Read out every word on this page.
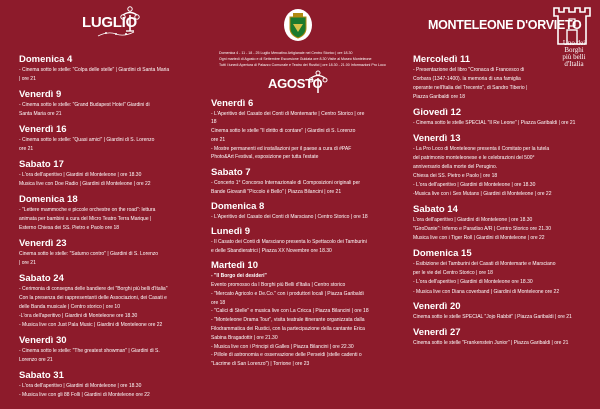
LUGLIO
Domenica 4 - 11 - 18 - 25 Luglio Mercatino Artigianale nel Centro Storico | ore 18.30
Ogni martedì di Agosto e di Settembre Escursione Guidata ore 8.30 Visite al Museo Monteleone
Tutti i lunedì Apertura di Palazzo Comunale e Teatro dei Rustici | ore 18.30 - 21.00 Informazioni Pro Loco
AGOSTO
MONTELEONE D'ORVIETO
Uno dei
Borghi
più belli
d'Italia
Domenica 4
- Cinema sotto le stelle: "Colpa delle stelle" | Giardini di Santa Maria
| ore 21
Venerdì 9
- Cinema sotto le stelle: "Grand Budapest Hotel" Giardini di
Santa Maria ore 21
Venerdì 16
- Cinema sotto le stelle: "Quasi amici" | Giardini di S. Lorenzo
ore 21
Sabato 17
- L'ora dell'aperitivo | Giardini di Monteleone | ore 18.30
Musica live con Doe Radio | Giardini di Monteleone | ore 22
Domenica 18
- "Lettere mammoche e piccole orchestre on the road": lettura
animata per bambini a cura del Micro Teatro Terra Marique |
Esterno Chiesa dei SS. Pietro e Paolo ore 18
Venerdì 23
Cinema sotto le stelle: "Saturno contro" | Giardini di S. Lorenzo
| ore 21
Sabato 24
- Cerimonia di consegna delle bandiere dei "Borghi più belli d'Italia"
Con la presenza dei rappresentanti delle Associazioni, dei Casati e
delle Banda musicale | Centro storico | ore 10
-L'ora dell'aperitivo | Giardini di Monteleone ore 18.30
- Musica live con Just Pala Music | Giardini di Monteleone ore 22
Venerdì 30
- Cinema sotto le stelle: "The greatest showman" | Giardini di S.
Lorenzo ore 21
Sabato 31
- L'ora dell'aperitivo | Giardini di Monteleone | ore 18.30
- Musica live con gli 88 Folli | Giardini di Monteleone ore 22
Venerdì 6
- L'Aperitivo del Casato dei Conti di Montemarte | Centro Storico | ore
18
Cinema sotto le stelle "Il diritto di contare" | Giardini di S. Lorenzo
ore 21
- Mostre permanenti ed installazioni per il paese a cura di #PAF
Photo&Art Festival, esposizione per tutta l'estate
Sabato 7
- Concerto 1° Concorso Internazionale di Composizioni originali per
Bande Giovanili "Piccolo è Bello" | Piazza Bilancini | ore 21
Domenica 8
- L'Aperitivo del Casato dei Conti di Marsciano | Centro Storico | ore 18
Lunedì 9
- Il Casato dei Conti di Marsciano presenta lo Spettacolo dei Tamburini
e delle Sbandieratrici | Piazza XX Novembre ore 18.30
Martedì 10
- "Il Borgo dei desideri"
Evento promosso da I Borghi più Belli d'Italia | Centro storico
- "Mercato Agricolo e De.Co." con i produttori locali | Piazza Garibaldi
ore 18
- "Calici di Stelle" e musica live con La Cricca | Piazza Bilancini | ore 18
- "Monteleone Drama Tour", visita teatrale itinerante organizzata dalla
Filodrammatica dei Rustici, con la partecipazione della cantante Erica
Sabina Bragadottir | ore 21.30
- Musica live con i Principi di Galles | Piazza Bilancini | ore 22.30
- Pillole di astronomia e osservazione delle Perseidi (stelle cadenti o
"Lacrime di San Lorenzo") | Torrione | ore 23
Mercoledì 11
- Presentazione del libro "Cronaca di Francesco di
Corbara (1347-1400). la memoria di una famiglia
operante nell'Italia del Trecento", di Sandro Tiberio |
Piazza Garibaldi ore 18
Giovedì 12
- Cinema sotto le stelle SPECIAL "Il Re Leone" | Piazza Garibaldi | ore 21
Venerdì 13
- La Pro Loco di Monteleone presenta il Comitato per la tutela
del patrimonio monteleonese e le celebrazioni del 500°
anniversario della morte del Perugino.
Chiesa dei SS. Pietro e Paolo | ore 18
- L'ora dell'aperitivo | Giardini di Monteleone | ore 18.30
-Musica live con i Sex Mutans | Giardini di Monteleone | ore 22
Sabato 14
L'ora dell'aperitivo | Giardini di Monteleone | ore 18.30
"GiroDante": Inferno e Paradiso A/R | Centro Storico ore 21.30
Musica live con i Tiger Roll | Giardini di Monteleone | ore 22
Domenica 15
- Esibizione dei Tamburini dei Casati di Montemarte e Marsciano
per le vie del Centro Storico | ore 18
- L'ora dell'aperitivo | Giardini di Monteleone ore 18.30
- Musica live con Diana coverband | Giardini di Monteleone ore 22
Venerdì 20
Cinema sotto le stelle SPECIAL "Jojo Rabbit" | Piazza Garibaldi | ore 21
Venerdì 27
Cinema sotto le stelle "Frankenstein Junior" | Piazza Garibaldi | ore 21
